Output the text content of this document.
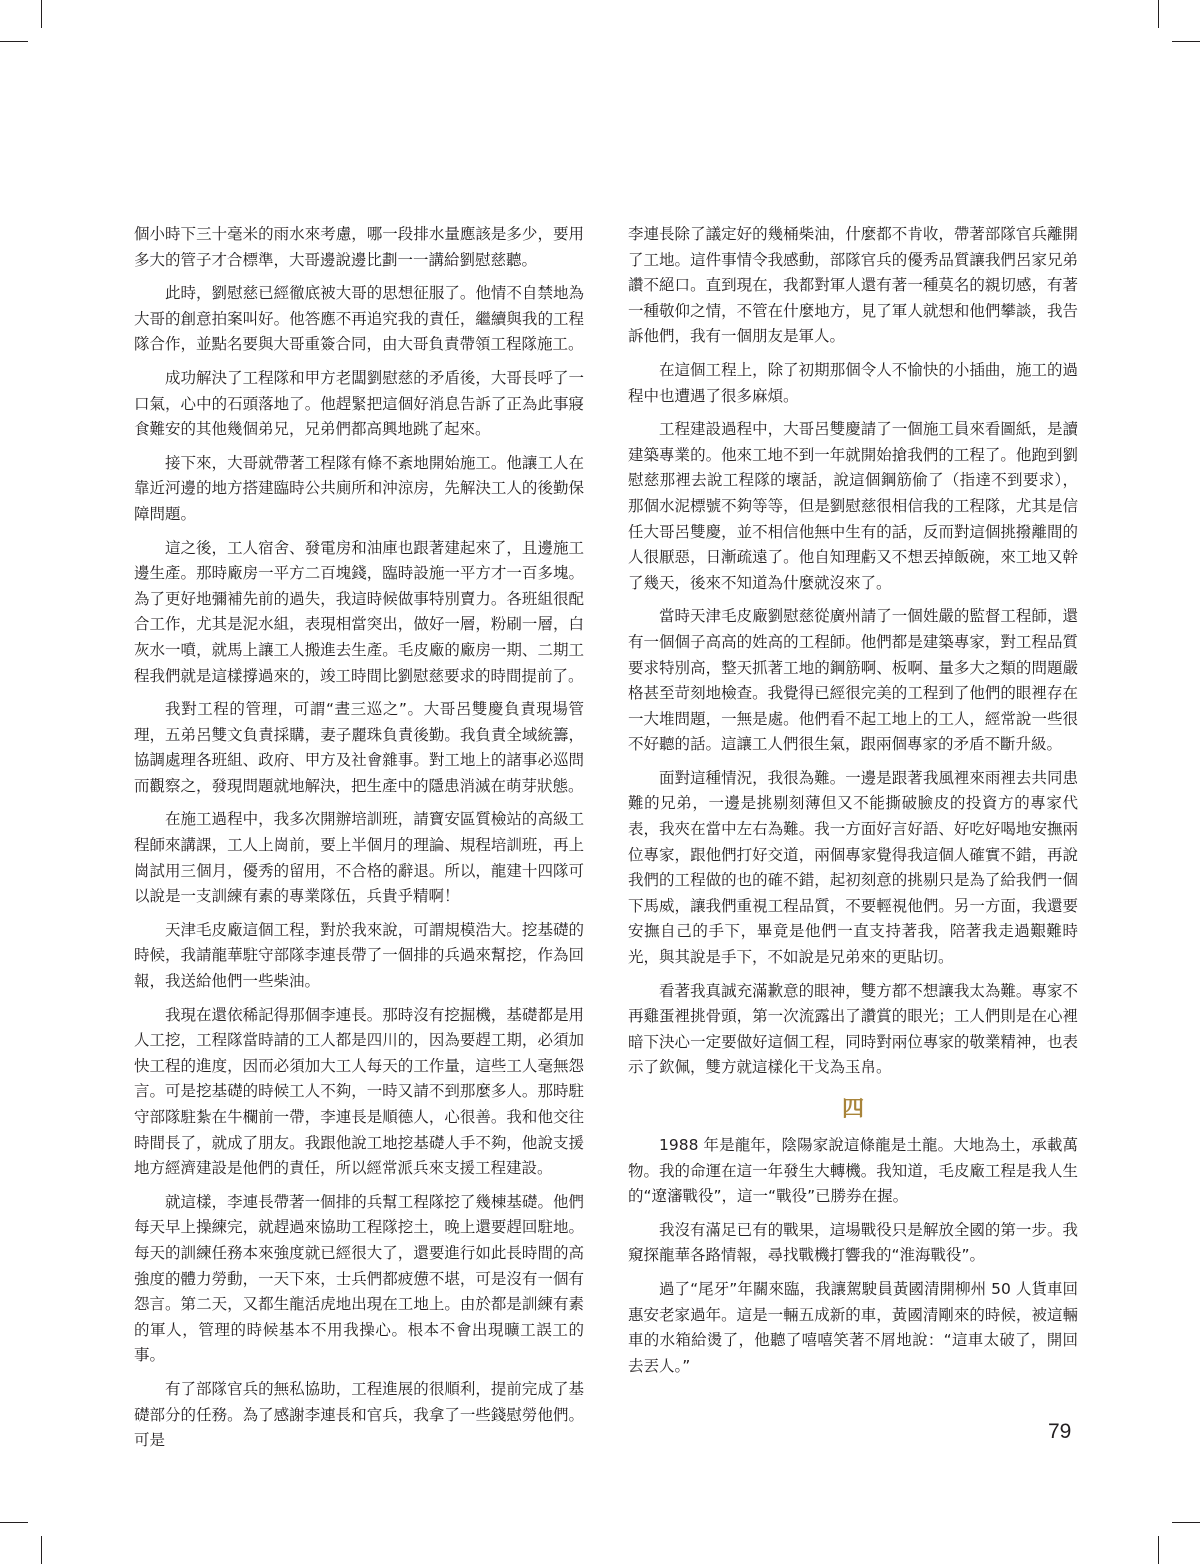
個小時下三十毫米的雨水來考慮，哪一段排水量應該是多少，要用多大的管子才合標準，大哥邊說邊比劃一一講給劉慰慈聽。

此時，劉慰慈已經徹底被大哥的思想征服了。他情不自禁地為大哥的創意拍案叫好。他答應不再追究我的責任，繼續與我的工程隊合作，並點名要與大哥重簽合同，由大哥負責帶領工程隊施工。

成功解決了工程隊和甲方老闆劉慰慈的矛盾後，大哥長呼了一口氣，心中的石頭落地了。他趕緊把這個好消息告訴了正為此事寢食難安的其他幾個弟兄，兄弟們都高興地跳了起來。

接下來，大哥就帶著工程隊有條不紊地開始施工。他讓工人在靠近河邊的地方搭建臨時公共廁所和沖涼房，先解決工人的後勤保障問題。

這之後，工人宿舍、發電房和油庫也跟著建起來了，且邊施工邊生產。那時廠房一平方二百塊錢，臨時設施一平方才一百多塊。為了更好地彌補先前的過失，我這時候做事特別賣力。各班組很配合工作，尤其是泥水組，表現相當突出，做好一層，粉刷一層，白灰水一噴，就馬上讓工人搬進去生產。毛皮廠的廠房一期、二期工程我們就是這樣撐過來的，竣工時間比劉慰慈要求的時間提前了。

我對工程的管理，可謂“晝三巡之”。大哥呂雙慶負責現場管理，五弟呂雙文負責採購，妻子麗珠負責後勤。我負責全域統籌，協調處理各班組、政府、甲方及社會雜事。對工地上的諸事必巡問而觀察之，發現問題就地解決，把生產中的隱患消滅在萌芽狀態。

在施工過程中，我多次開辦培訓班，請寶安區質檢站的高級工程師來講課，工人上崗前，要上半個月的理論、規程培訓班，再上崗試用三個月，優秀的留用，不合格的辭退。所以，龍建十四隊可以說是一支訓練有素的專業隊伍，兵貴乎精啊！

天津毛皮廠這個工程，對於我來說，可謂規模浩大。挖基礎的時候，我請龍華駐守部隊李連長帶了一個排的兵過來幫挖，作為回報，我送給他們一些柴油。

我現在還依稀記得那個李連長。那時沒有挖掘機，基礎都是用人工挖，工程隊當時請的工人都是四川的，因為要趕工期，必須加快工程的進度，因而必須加大工人每天的工作量，這些工人毫無怨言。可是挖基礎的時候工人不夠，一時又請不到那麼多人。那時駐守部隊駐紮在牛欄前一帶，李連長是順德人，心很善。我和他交往時間長了，就成了朋友。我跟他說工地挖基礎人手不夠，他說支援地方經濟建設是他們的責任，所以經常派兵來支援工程建設。

就這樣，李連長帶著一個排的兵幫工程隊挖了幾棟基礎。他們每天早上操練完，就趕過來協助工程隊挖土，晚上還要趕回駐地。每天的訓練任務本來強度就已經很大了，還要進行如此長時間的高強度的體力勞動，一天下來，士兵們都疲憊不堪，可是沒有一個有怨言。第二天，又都生龍活虎地出現在工地上。由於都是訓練有素的軍人，管理的時候基本不用我操心。根本不會出現曠工誤工的事。

有了部隊官兵的無私協助，工程進展的很順利，提前完成了基礎部分的任務。為了感謝李連長和官兵，我拿了一些錢慰勞他們。可是

李連長除了議定好的幾桶柴油，什麼都不肯收，帶著部隊官兵離開了工地。這件事情令我感動，部隊官兵的優秀品質讓我們呂家兄弟讚不絕口。直到現在，我都對軍人還有著一種莫名的親切感，有著一種敬仰之情，不管在什麼地方，見了軍人就想和他們攀談，我告訴他們，我有一個朋友是軍人。

在這個工程上，除了初期那個令人不愉快的小插曲，施工的過程中也遭遇了很多麻煩。

工程建設過程中，大哥呂雙慶請了一個施工員來看圖紙，是讀建築專業的。他來工地不到一年就開始搶我們的工程了。他跑到劉慰慈那裡去說工程隊的壞話，說這個鋼筋偷了（指達不到要求），那個水泥標號不夠等等，但是劉慰慈很相信我的工程隊，尤其是信任大哥呂雙慶，並不相信他無中生有的話，反而對這個挑撥離間的人很厭惡，日漸疏遠了。他自知理虧又不想丟掉飯碗，來工地又幹了幾天，後來不知道為什麼就沒來了。

當時天津毛皮廠劉慰慈從廣州請了一個姓嚴的監督工程師，還有一個個子高高的姓高的工程師。他們都是建築專家，對工程品質要求特別高，整天抓著工地的鋼筋啊、板啊、量多大之類的問題嚴格甚至苛刻地檢查。我覺得已經很完美的工程到了他們的眼裡存在一大堆問題，一無是處。他們看不起工地上的工人，經常說一些很不好聽的話。這讓工人們很生氣，跟兩個專家的矛盾不斷升級。

面對這種情況，我很為難。一邊是跟著我風裡來雨裡去共同患難的兄弟，一邊是挑剔刻薄但又不能撕破臉皮的投資方的專家代表，我夾在當中左右為難。我一方面好言好語、好吃好喝地安撫兩位專家，跟他們打好交道，兩個專家覺得我這個人確實不錯，再說我們的工程做的也的確不錯，起初刻意的挑剔只是為了給我們一個下馬威，讓我們重視工程品質，不要輕視他們。另一方面，我還要安撫自己的手下，畢竟是他們一直支持著我，陪著我走過艱難時光，與其說是手下，不如說是兄弟來的更貼切。

看著我真誠充滿歉意的眼神，雙方都不想讓我太為難。專家不再雞蛋裡挑骨頭，第一次流露出了讚賞的眼光；工人們則是在心裡暗下決心一定要做好這個工程，同時對兩位專家的敬業精神，也表示了欽佩，雙方就這樣化干戈為玉帛。

四

1988 年是龍年，陰陽家說這條龍是土龍。大地為土，承載萬物。我的命運在這一年發生大轉機。我知道，毛皮廠工程是我人生的“遼瀋戰役”，這一“戰役”已勝券在握。

我沒有滿足已有的戰果，這場戰役只是解放全國的第一步。我窺探龍華各路情報，尋找戰機打響我的“淮海戰役”。

過了“尾牙”年關來臨，我讓駕駛員黃國清開柳州 50 人貨車回惠安老家過年。這是一輛五成新的車，黃國清剛來的時候，被這輛車的水箱給燙了，他聽了嘻嘻笑著不屑地說：“這車太破了，開回去丟人。”

79
